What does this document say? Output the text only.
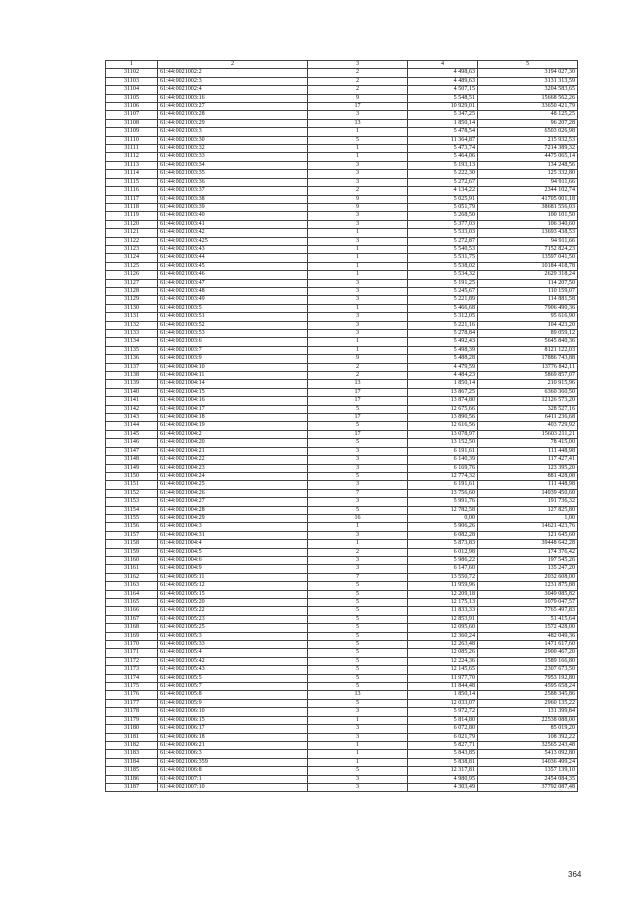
1	2	3	4	5
31102	61:44:0021002:2	2	4 498,63	3194 027,30
31103	61:44:0021002:3	2	4 489,63	3131 313,59
31104	61:44:0021002:4	2	4 507,15	3204 583,65
31105	61:44:0021003:16	9	5 548,51	15668 562,26
31106	61:44:0021003:27	17	10 929,01	33650 421,79
31107	61:44:0021003:28	3	5 347,25	48 125,25
31108	61:44:0021003:29	13	1 850,14	96 207,28
31109	61:44:0021003:3	1	5 478,54	6503 026,98
31110	61:44:0021003:30	5	11 364,87	215 932,53
31111	61:44:0021003:32	1	5 473,74	7214 389,32
31112	61:44:0021003:33	1	5 464,06	4475 065,14
31113	61:44:0021003:34	3	5 193,13	134 248,56
31114	61:44:0021003:35	3	5 222,30	125 332,80
31115	61:44:0021003:36	3	5 272,67	94 911,66
31116	61:44:0021003:37	2	4 134,22	2344 102,74
31117	61:44:0021003:38	9	5 025,91	41705 001,18
31118	61:44:0021003:39	9	5 051,79	38681 556,03
31119	61:44:0021003:40	3	5 268,50	100 101,50
31120	61:44:0021003:41	3	5 377,03	106 340,60
31121	61:44:0021003:42	1	5 533,03	13693 438,53
31122	61:44:0021003:425	3	5 272,87	94 911,66
31123	61:44:0021003:43	1	5 540,53	7152 824,23
31124	61:44:0021003:44	1	5 531,75	13597 041,50
31125	61:44:0021003:45	1	5 538,02	10184 418,78
31126	61:44:0021003:46	1	5 534,32	2629 318,24
31127	61:44:0021003:47	3	5 191,25	114 207,50
31128	61:44:0021003:48	3	5 245,67	110 159,07
31129	61:44:0021003:49	3	5 221,89	114 881,58
31130	61:44:0021003:5	1	5 466,68	7906 490,36
31131	61:44:0021003:51	3	5 312,05	95 616,90
31132	61:44:0021003:52	3	5 221,16	104 423,20
31133	61:44:0021003:53	3	5 278,84	89 059,12
31134	61:44:0021003:6	1	5 492,43	5645 840,36
31135	61:44:0021003:7	1	5 498,39	8121 122,03
31136	61:44:0021003:9	9	5 488,28	17886 743,88
31137	61:44:0021004:10	2	4 479,59	13776 842,11
31138	61:44:0021004:11	2	4 484,23	5869 857,07
31139	61:44:0021004:14	13	1 850,14	210 915,96
31140	61:44:0021004:15	17	13 867,25	6360 360,50
31141	61:44:0021004:16	17	13 874,80	12126 573,20
31142	61:44:0021004:17	5	12 675,66	328 527,16
31143	61:44:0021004:18	17	13 890,56	6411 236,68
31144	61:44:0021004:19	5	12 616,56	403 729,92
31145	61:44:0021004:2	17	13 078,97	15603 211,21
31146	61:44:0021004:20	5	13 152,50	78 415,00
31147	61:44:0021004:21	3	6 191,61	111 448,98
31148	61:44:0021004:22	3	6 140,39	117 427,41
31149	61:44:0021004:23	3	6 169,76	123 395,20
31150	61:44:0021004:24	5	12 774,32	881 428,08
31151	61:44:0021004:25	3	6 191,61	111 448,98
31152	61:44:0021004:26	7	13 756,60	14939 450,60
31153	61:44:0021004:27	3	5 991,76	191 736,32
31154	61:44:0021004:28	5	12 782,58	127 825,80
31155	61:44:0021004:29	16	0,00	1,00
31156	61:44:0021004:3	1	5 906,26	14621 423,76
31157	61:44:0021004:31	3	6 082,28	121 645,60
31158	61:44:0021004:4	1	5 873,83	39448 642,28
31159	61:44:0021004:5	2	6 012,98	174 376,42
31160	61:44:0021004:6	3	5 986,22	197 545,26
31161	61:44:0021004:9	3	6 147,60	135 247,20
31162	61:44:0021005:11	7	13 550,72	2032 608,00
31163	61:44:0021005:12	5	11 959,96	1231 875,88
31164	61:44:0021005:15	5	12 209,18	3049 085,82
31165	61:44:0021005:20	5	12 175,13	1079 047,57
31166	61:44:0021005:22	5	11 833,33	7765 497,83
31167	61:44:0021005:23	5	12 853,91	51 415,64
31168	61:44:0021005:25	5	12 095,60	1572 428,00
31169	61:44:0021005:3	5	12 360,24	482 049,36
31170	61:44:0021005:33	5	12 263,48	1471 617,60
31171	61:44:0021005:4	5	12 085,26	2900 467,20
31172	61:44:0021005:42	5	12 224,36	1589 166,80
31173	61:44:0021005:43	5	12 145,65	2307 673,50
31174	61:44:0021005:5	5	11 977,70	7953 192,80
31175	61:44:0021005:7	5	11 844,48	4595 658,24
31176	61:44:0021005:8	13	1 850,14	2588 345,86
31177	61:44:0021005:9	5	12 033,07	2960 135,22
31178	61:44:0021006:10	3	5 972,72	131 399,84
31179	61:44:0021006:15	1	5 814,80	22538 088,00
31180	61:44:0021006:17	3	6 072,80	85 019,20
31181	61:44:0021006:18	3	6 021,79	108 392,22
31182	61:44:0021006:21	1	5 827,71	32565 243,48
31183	61:44:0021006:3	1	5 843,85	5413 092,80
31184	61:44:0021006:359	1	5 838,81	14036 499,24
31185	61:44:0021006:8	5	12 317,81	1357 139,10
31186	61:44:0021007:1	3	4 980,95	2454 084,35
31187	61:44:0021007:10	3	4 303,49	37792 087,48
364
